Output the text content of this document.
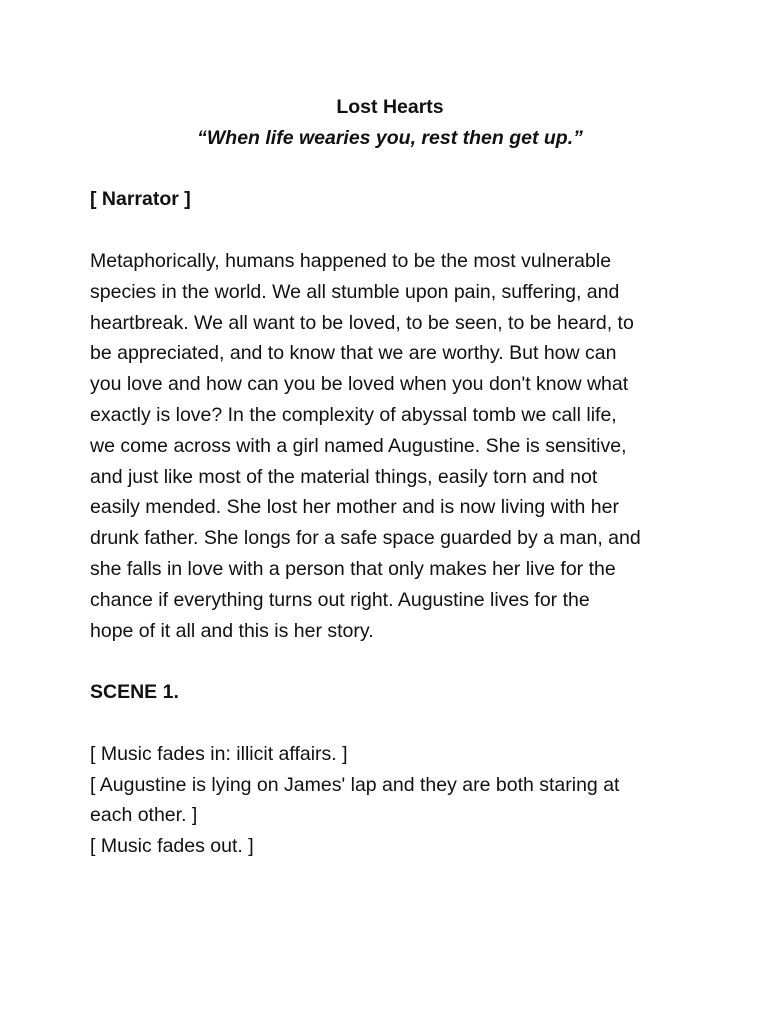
Lost Hearts

“When life wearies you, rest then get up.”

[ Narrator ]

Metaphorically, humans happened to be the most vulnerable
species in the world. We all stumble upon pain, suffering, and
heartbreak. We all want to be loved, to be seen, to be heard, to
be appreciated, and to know that we are worthy. But how can
you love and how can you be loved when you don't know what
exactly is love? In the complexity of abyssal tomb we call life,
we come across with a girl named Augustine. She is sensitive,
and just like most of the material things, easily torn and not
easily mended. She lost her mother and is now living with her
drunk father. She longs for a safe space guarded by a man, and
she falls in love with a person that only makes her live for the
chance if everything turns out right. Augustine lives for the
hope of it all and this is her story.

SCENE 1.

[ Music fades in: illicit affairs. ]

[ Augustine is lying on James' lap and they are both staring at

each other. ]

[ Music fades out. ]
